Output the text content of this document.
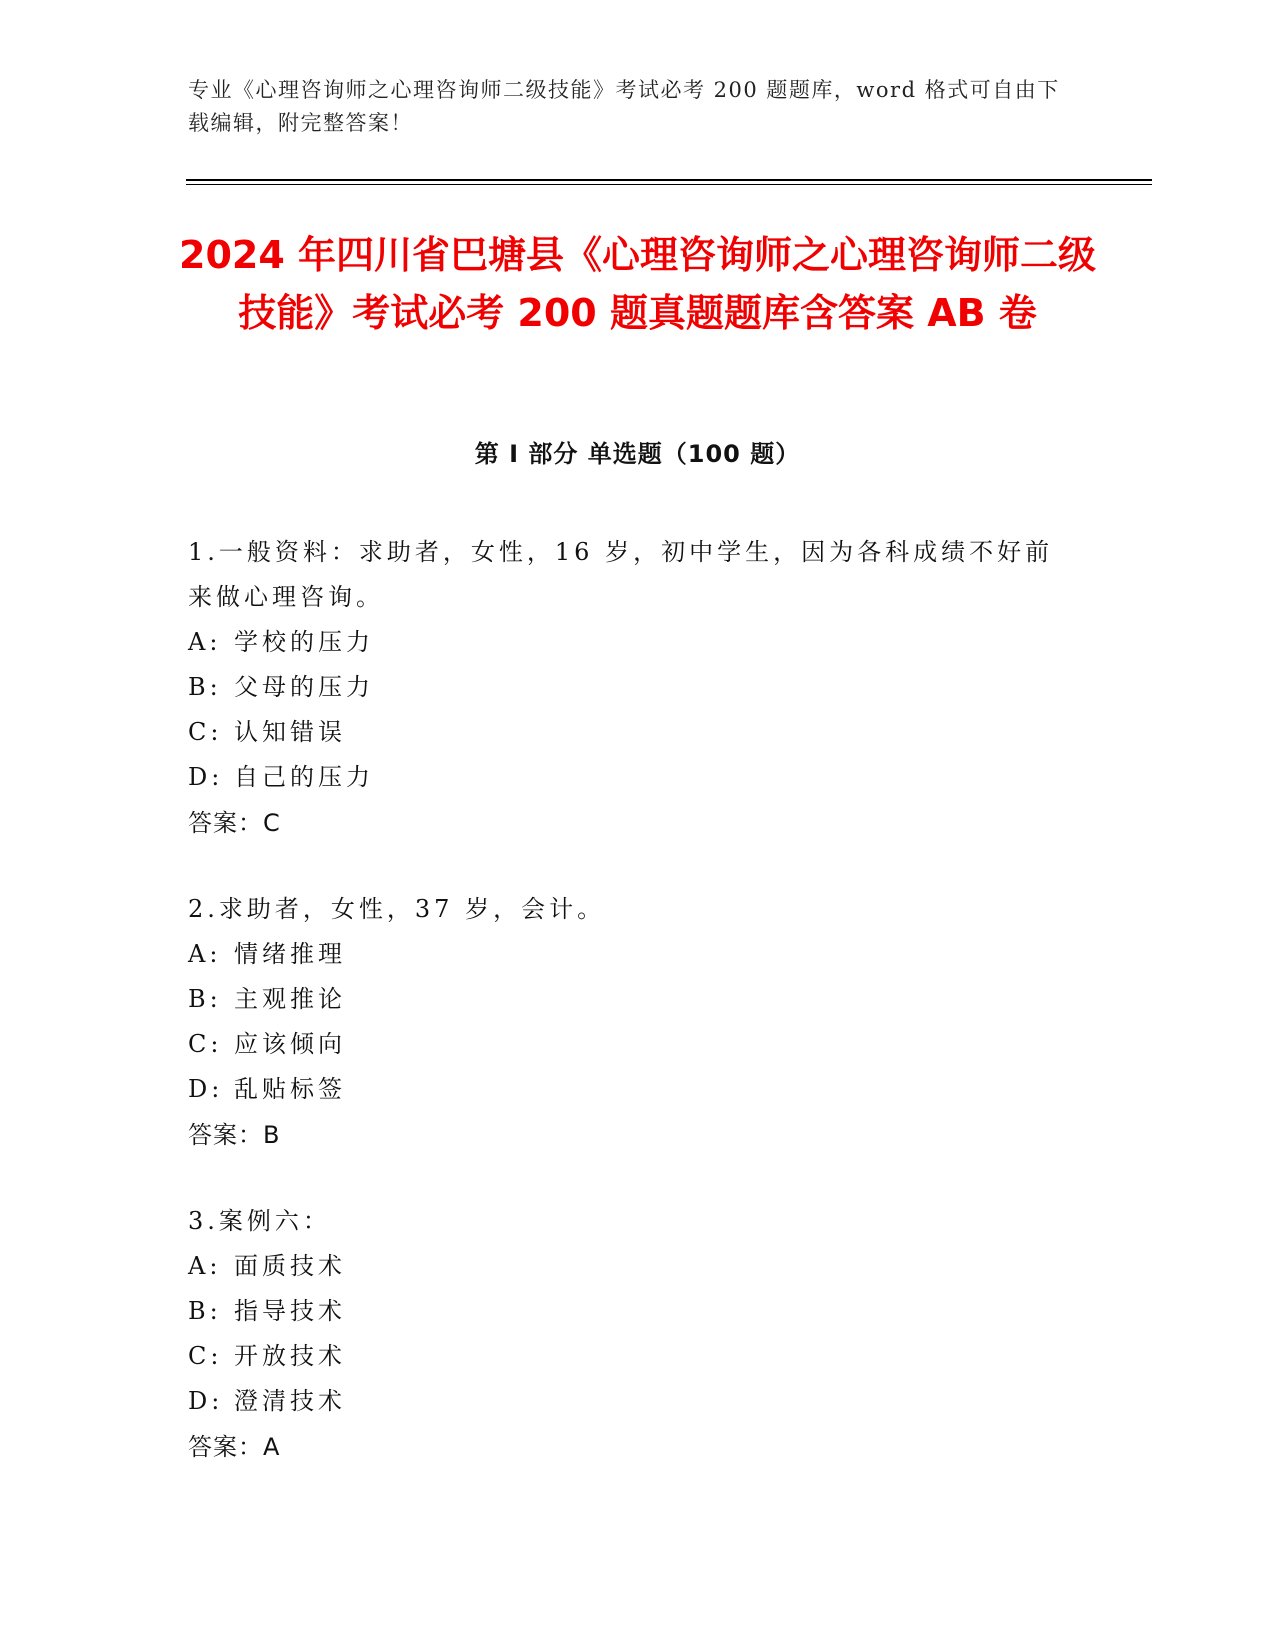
专业《心理咨询师之心理咨询师二级技能》考试必考 200 题题库，word 格式可自由下载编辑，附完整答案！
2024 年四川省巴塘县《心理咨询师之心理咨询师二级技能》考试必考 200 题真题题库含答案 AB 卷
第 I 部分 单选题（100 题）
1.一般资料：求助者，女性，16 岁，初中学生，因为各科成绩不好前来做心理咨询。
A: 学校的压力
B: 父母的压力
C: 认知错误
D: 自己的压力
答案：C
2.求助者，女性，37 岁，会计。
A: 情绪推理
B: 主观推论
C: 应该倾向
D: 乱贴标签
答案：B
3.案例六：
A: 面质技术
B: 指导技术
C: 开放技术
D: 澄清技术
答案：A
